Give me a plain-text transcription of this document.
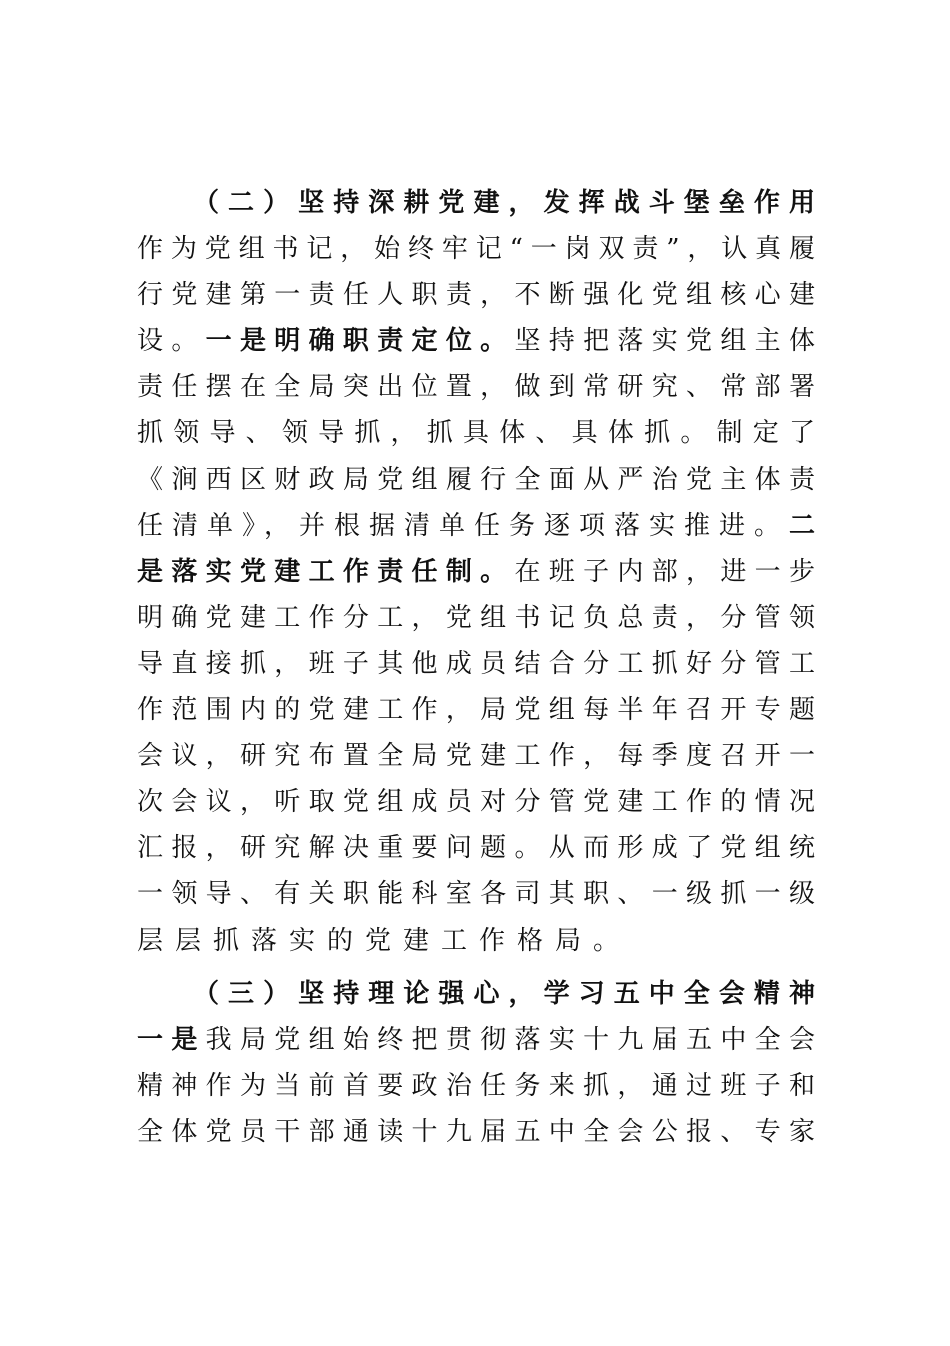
（二）坚持深耕党建，发挥战斗堡垒作用
作为党组书记，始终牢记“一岗双责”，认真履
行党建第一责任人职责，不断强化党组核心建
设。一是明确职责定位。坚持把落实党组主体
责任摆在全局突出位置，做到常研究、常部署
抓领导、领导抓，抓具体、具体抓。制定了
《涧西区财政局党组履行全面从严治党主体责
任清单》，并根据清单任务逐项落实推进。二
是落实党建工作责任制。在班子内部，进一步
明确党建工作分工，党组书记负总责，分管领
导直接抓，班子其他成员结合分工抓好分管工
作范围内的党建工作，局党组每半年召开专题
会议，研究布置全局党建工作，每季度召开一
次会议，听取党组成员对分管党建工作的情况
汇报，研究解决重要问题。从而形成了党组统
一领导、有关职能科室各司其职、一级抓一级
层层抓落实的党建工作格局。
（三）坚持理论强心，学习五中全会精神
一是我局党组始终把贯彻落实十九届五中全会
精神作为当前首要政治任务来抓，通过班子和
全体党员干部通读十九届五中全会公报、专家
